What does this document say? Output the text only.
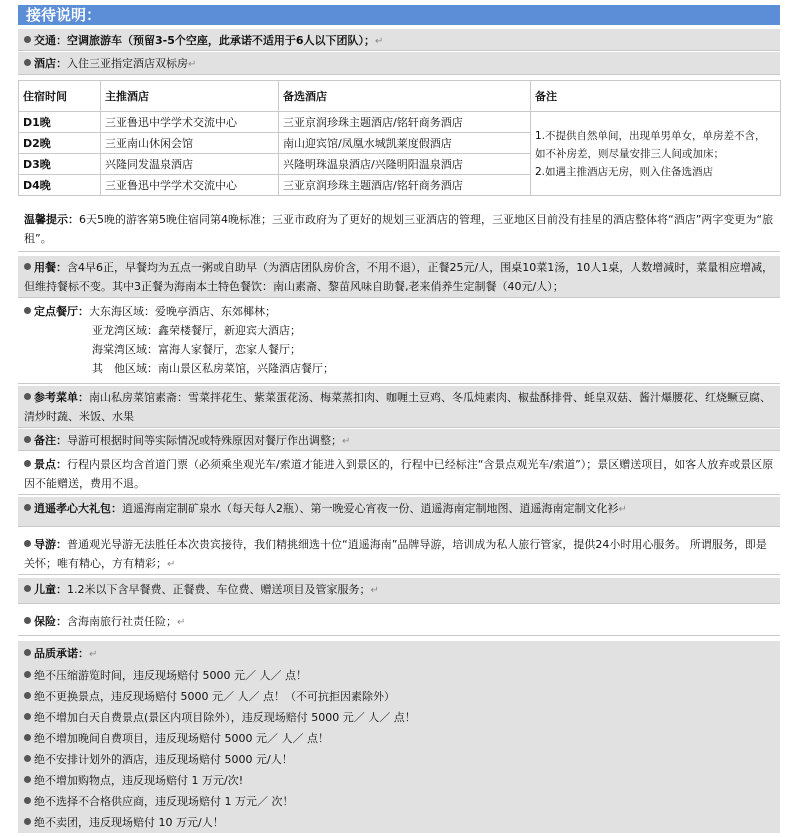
接待说明：
交通：空调旅游车（预留3-5个空座，此承诺不适用于6人以下团队）；↵
酒店：入住三亚指定酒店双标房↵
住宿时间	主推酒店	备选酒店	备注
D1晚	三亚鲁迅中学学术交流中心	三亚京润珍珠主题酒店/铭轩商务酒店	1.不提供自然单间，出现单男单女，单房差不含，如不补房差，则尽量安排三人间或加床；
2.如遇主推酒店无房，则入住备选酒店

D2晚	三亚南山休闲会馆	南山迎宾馆/凤凰水城凯莱度假酒店	
D3晚	兴隆同发温泉酒店	兴隆明珠温泉酒店/兴隆明阳温泉酒店	
D4晚	三亚鲁迅中学学术交流中心	三亚京润珍珠主题酒店/铭轩商务酒店	
温馨提示：6天5晚的游客第5晚住宿同第4晚标准；三亚市政府为了更好的规划三亚酒店的管理，三亚地区目前没有挂星的酒店整体将“酒店”两字变更为“旅租”。
用餐：含4早6正，早餐均为五点一粥或自助早（为酒店团队房价含，不用不退），正餐25元/人，围桌10菜1汤，10人1桌，人数增减时，菜量相应增减，但维持餐标不变。其中3正餐为海南本土特色餐饮：南山素斋、黎苗风味自助餐,老来俏养生定制餐（40元/人）；
定点餐厅：大东海区域：爱晚亭酒店、东郊椰林；
亚龙湾区域：鑫荣楼餐厅，新迎宾大酒店；
海棠湾区域：富海人家餐厅，恋家人餐厅；
其　他区域：南山景区私房菜馆，兴隆酒店餐厅；
参考菜单：南山私房菜馆素斋：雪菜拌花生、紫菜蛋花汤、梅菜蒸扣肉、咖喱土豆鸡、冬瓜炖素肉、椒盐酥排骨、蚝皇双菇、酱汁爆腰花、红烧鳜豆腐、清炒时蔬、米饭、水果
备注：导游可根据时间等实际情况或特殊原因对餐厅作出调整；↵
景点：行程内景区均含首道门票（必须乘坐观光车/索道才能进入到景区的，行程中已经标注“含景点观光车/索道”）；景区赠送项目，如客人放弃或景区原因不能赠送，费用不退。
逍遥孝心大礼包：逍遥海南定制矿泉水（每天每人2瓶）、第一晚爱心宵夜一份、逍遥海南定制地图、逍遥海南定制文化衫↵
导游：普通观光导游无法胜任本次贵宾接待，我们精挑细选十位“逍遥海南”品牌导游，培训成为私人旅行管家，提供24小时用心服务。 所谓服务，即是关怀；唯有精心，方有精彩；↵
儿童：1.2米以下含早餐费、正餐费、车位费、赠送项目及管家服务；↵
保险：含海南旅行社责任险；↵
品质承诺：↵
绝不压缩游览时间，违反现场赔付 5000 元／ 人／ 点！
绝不更换景点，违反现场赔付 5000 元／ 人／ 点！（不可抗拒因素除外）
绝不增加白天自费景点(景区内项目除外），违反现场赔付 5000 元／ 人／ 点！
绝不增加晚间自费项目，违反现场赔付 5000 元／ 人／ 点！
绝不安排计划外的酒店，违反现场赔付 5000 元/人！
绝不增加购物点，违反现场赔付 1 万元/次!
绝不选择不合格供应商，违反现场赔付 1 万元／ 次！
绝不卖团，违反现场赔付 10 万元/人！
